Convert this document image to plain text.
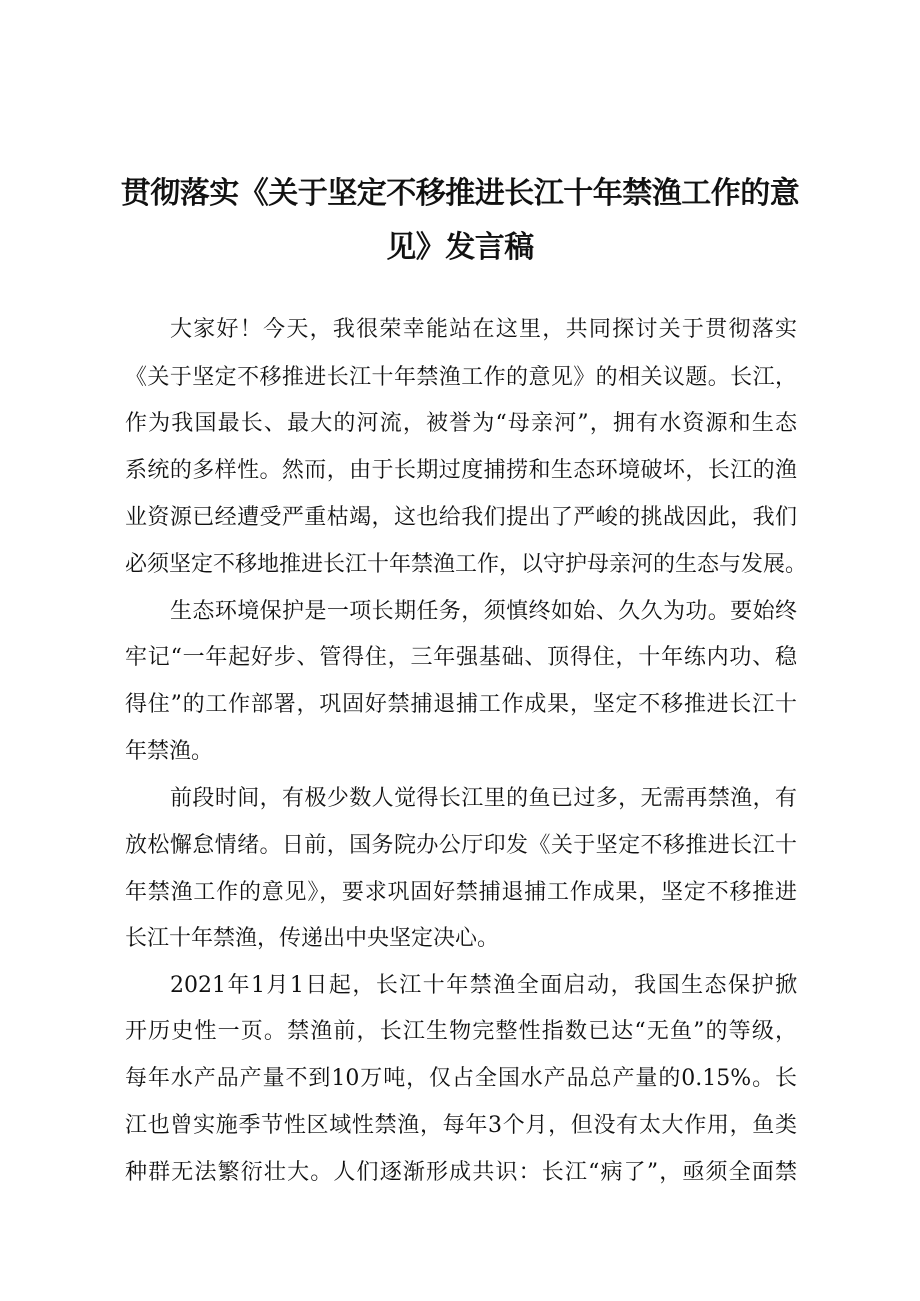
贯彻落实《关于坚定不移推进长江十年禁渔工作的意
见》发言稿
大家好！今天，我很荣幸能站在这里，共同探讨关于贯彻落实
《关于坚定不移推进长江十年禁渔工作的意见》的相关议题。长江，
作为我国最长、最大的河流，被誉为“母亲河”，拥有水资源和生态
系统的多样性。然而，由于长期过度捕捞和生态环境破坏，长江的渔
业资源已经遭受严重枯竭，这也给我们提出了严峻的挑战因此，我们
必须坚定不移地推进长江十年禁渔工作，以守护母亲河的生态与发展。
生态环境保护是一项长期任务，须慎终如始、久久为功。要始终
牢记“一年起好步、管得住，三年强基础、顶得住，十年练内功、稳
得住”的工作部署，巩固好禁捕退捕工作成果，坚定不移推进长江十
年禁渔。
前段时间，有极少数人觉得长江里的鱼已过多，无需再禁渔，有
放松懈怠情绪。日前，国务院办公厅印发《关于坚定不移推进长江十
年禁渔工作的意见》，要求巩固好禁捕退捕工作成果，坚定不移推进
长江十年禁渔，传递出中央坚定决心。
2021年1月1日起，长江十年禁渔全面启动，我国生态保护掀
开历史性一页。禁渔前，长江生物完整性指数已达“无鱼”的等级，
每年水产品产量不到10万吨，仅占全国水产品总产量的0.15%。长
江也曾实施季节性区域性禁渔，每年3个月，但没有太大作用，鱼类
种群无法繁衍壮大。人们逐渐形成共识：长江“病了”，亟须全面禁
